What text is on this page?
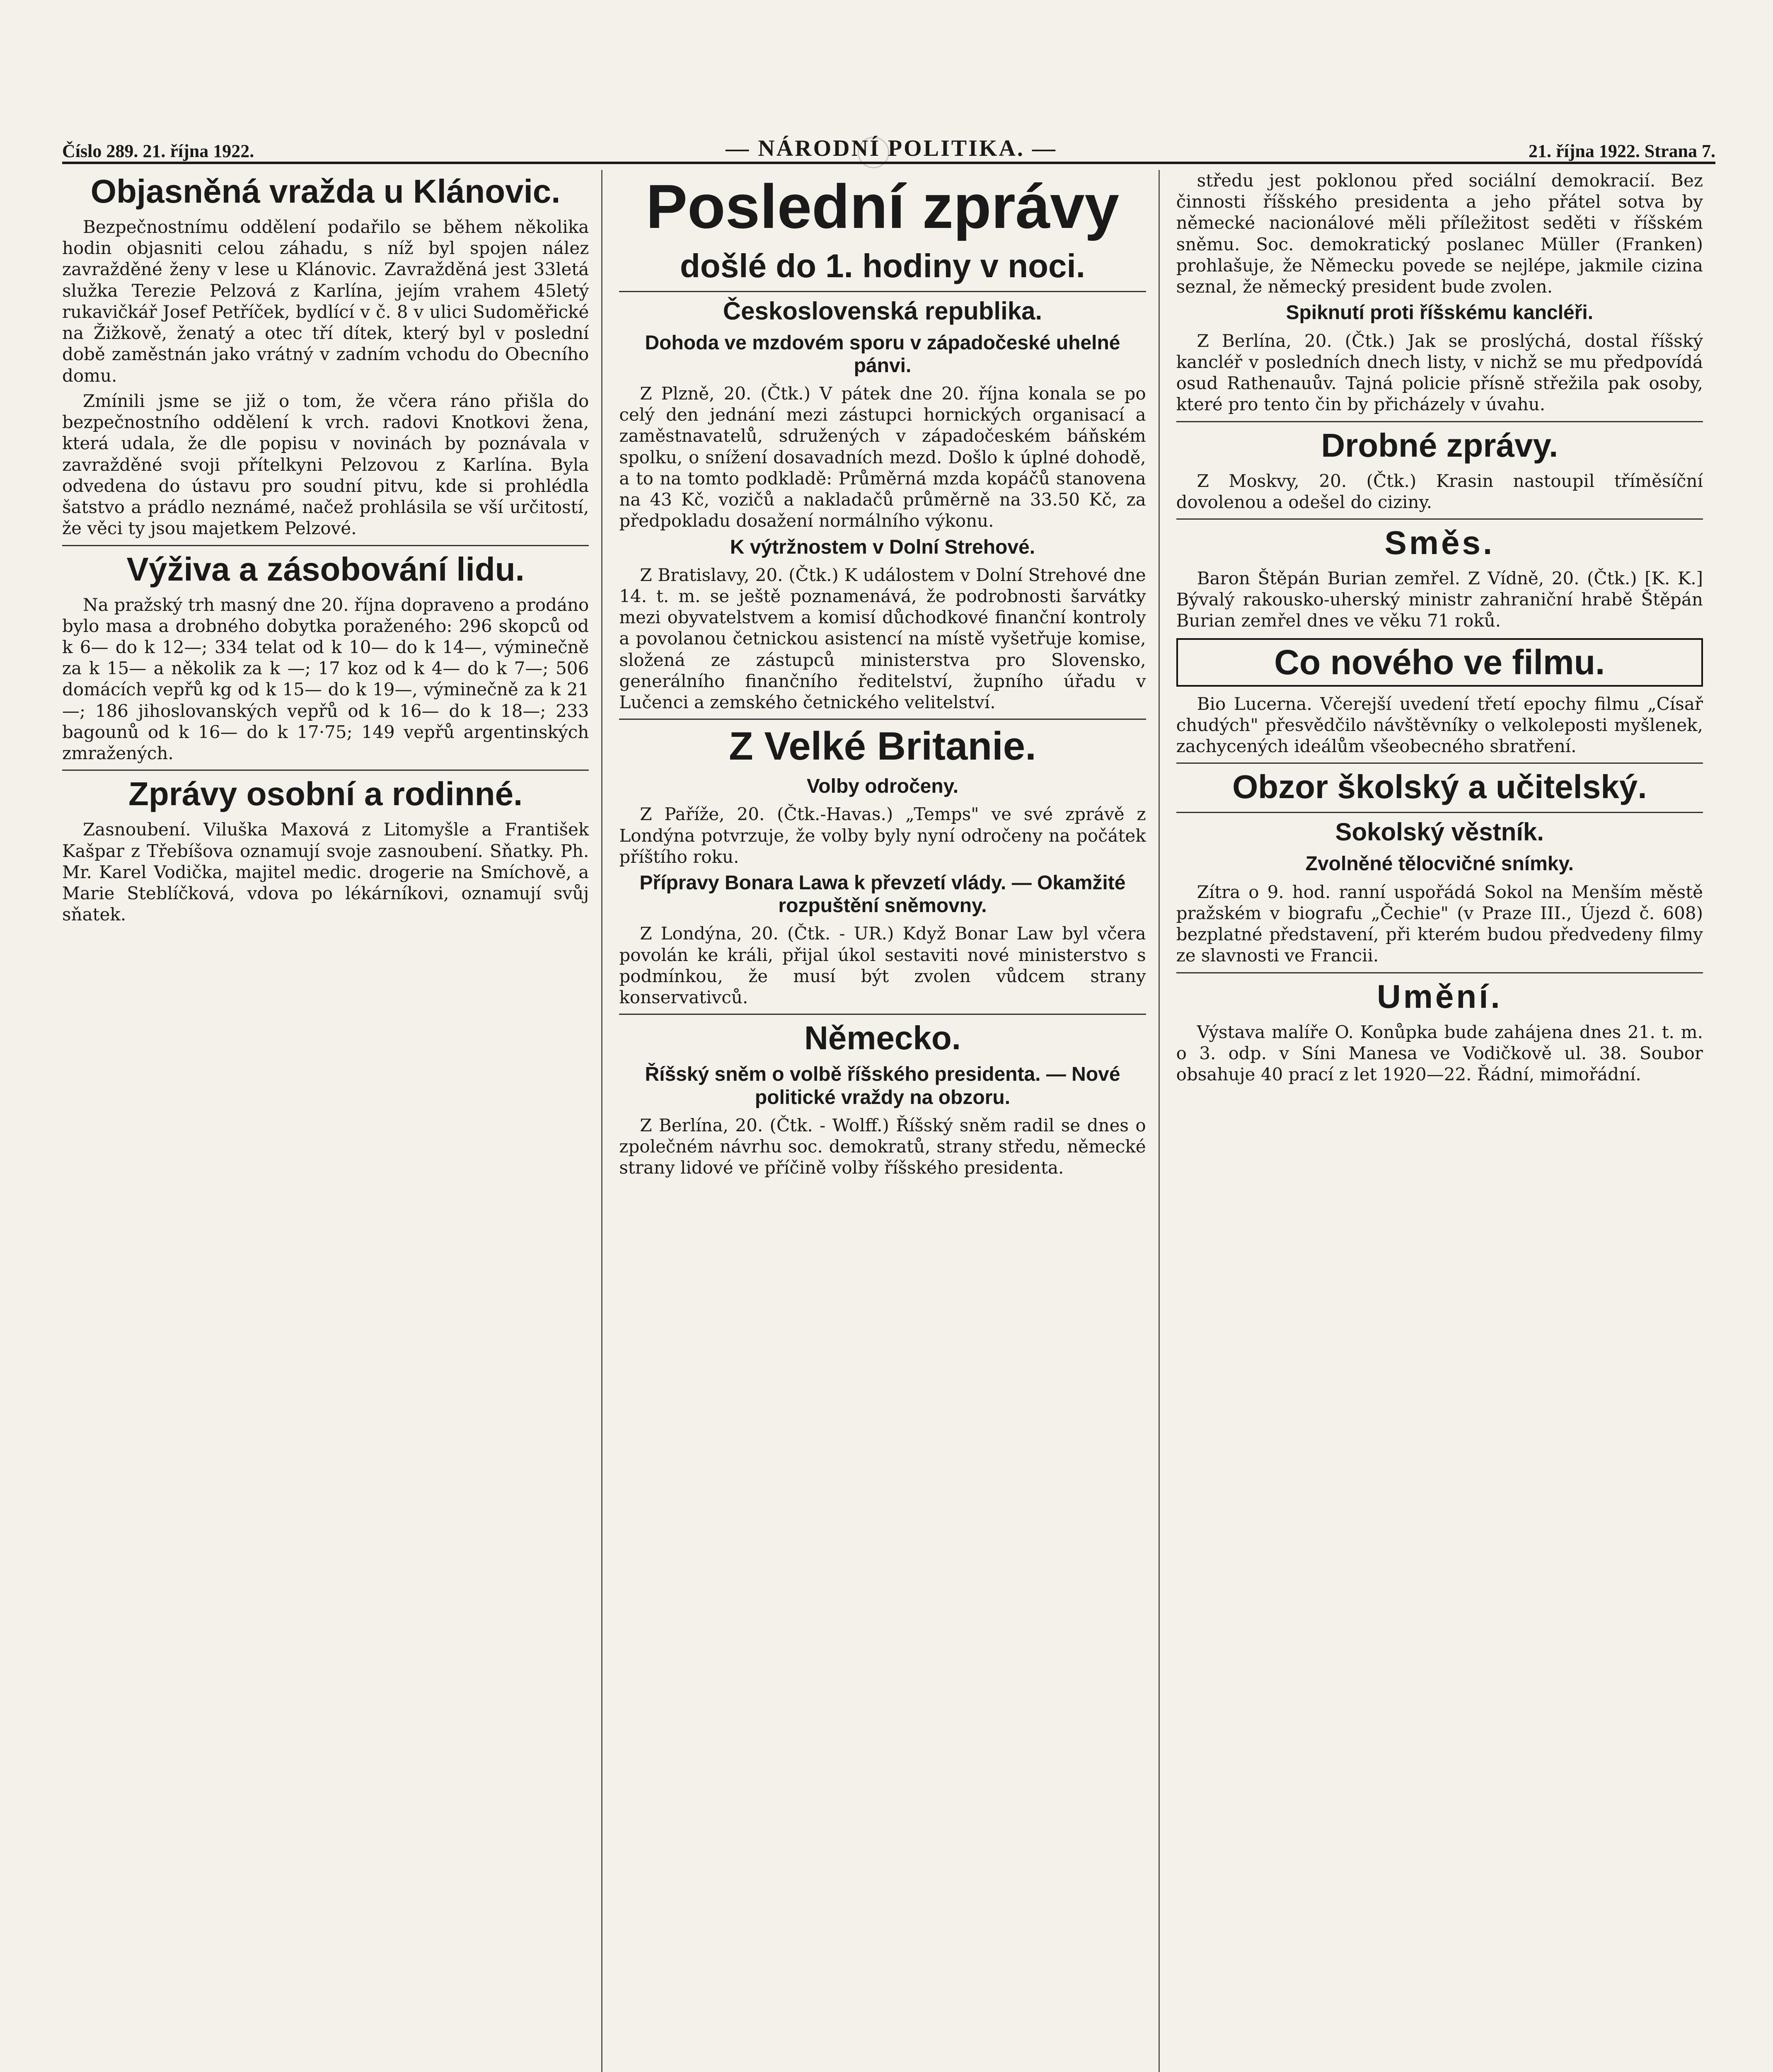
Číslo 289. 21. října 1922.	— NÁRODNÍ POLITIKA. —	21. října 1922. Strana 7.
Objasněná vražda u Klánovic.

Bezpečnostnímu oddělení podařilo se během několika hodin objasniti celou záhadu, s níž byl spojen nález zavražděné ženy v lese u Klánovic. Zavražděná jest 33letá služka Terezie Pelzová z Karlína, jejím vrahem 45letý rukavičkář Josef Petříček, bydlící v č. 8 v ulici Sudoměřické na Žižkově, ženatý a otec tří dítek, který byl v poslední době zaměstnán jako vrátný v zadním vchodu do Obecního domu.

Zmínili jsme se již o tom, že včera ráno přišla do bezpečnostního oddělení k vrch. radovi Knotkovi žena, která udala, že dle popisu v novinách by poznávala v zavražděné svoji přítelkyni Pelzovou z Karlína. Byla odvedena do ústavu pro soudní pitvu, kde si prohlédla šatstvo a prádlo neznámé, načež prohlásila se vší určitostí, že věci ty jsou majetkem Pelzové.

Výživa a zásobování lidu.

Na pražský trh masný dne 20. října dopraveno a prodáno bylo masa a drobného dobytka poraženého: 296 skopců od k 6— do k 12—; 334 telat od k 10— do k 14—, výminečně za k 15— a několik za k —; 17 koz od k 4— do k 7—; 506 domácích vepřů kg od k 15— do k 19—, výminečně za k 21—; 186 jihoslovanských vepřů od k 16— do k 18—; 233 bagounů od k 16— do k 17·75; 149 vepřů argentinských zmražených.

Zprávy osobní a rodinné.

Zasnoubení. Viluška Maxová z Litomyšle a František Kašpar z Třebíšova oznamují svoje zasnoubení. Sňatky. Ph. Mr. Karel Vodička, majitel medic. drogerie na Smíchově, a Marie Steblíčková, vdova po lékárníkovi, oznamují svůj sňatek.

Poslední zprávy
došlé do 1. hodiny v noci.
Československá republika.
Dohoda ve mzdovém sporu v západočeské uhelné pánvi.

Z Plzně, 20. (Čtk.) V pátek dne 20. října konala se po celý den jednání mezi zástupci hornických organisací a zaměstnavatelů, sdružených v západočeském báňském spolku, o snížení dosavadních mezd. Došlo k úplné dohodě, a to na tomto podkladě: Průměrná mzda kopáčů stanovena na 43 Kč, vozičů a nakladačů průměrně na 33.50 Kč, za předpokladu dosažení normálního výkonu.

K výtržnostem v Dolní Strehové.

Z Bratislavy, 20. (Čtk.) K událostem v Dolní Strehové dne 14. t. m. se ještě poznamenává, že podrobnosti šarvátky mezi obyvatelstvem a komisí důchodkové finanční kontroly a povolanou četnickou asistencí na místě vyšetřuje komise, složená ze zástupců ministerstva pro Slovensko, generálního finančního ředitelství, župního úřadu v Lučenci a zemského četnického velitelství.

Z Velké Britanie.
Volby odročeny.

Z Paříže, 20. (Čtk.-Havas.) „Temps" ve své zprávě z Londýna potvrzuje, že volby byly nyní odročeny na počátek příštího roku.

Přípravy Bonara Lawa k převzetí vlády. — Okamžité rozpuštění sněmovny.

Z Londýna, 20. (Čtk. - UR.) Když Bonar Law byl včera povolán ke králi, přijal úkol sestaviti nové ministerstvo s podmínkou, že musí být zvolen vůdcem strany konservativců.

Německo.
Říšský sněm o volbě říšského presidenta. — Nové politické vraždy na obzoru.

Z Berlína, 20. (Čtk. - Wolff.) Říšský sněm radil se dnes o zpolečném návrhu soc. demokratů, strany středu, německé strany lidové ve příčině volby říšského presidenta.

středu jest poklonou před sociální demokracií. Bez činnosti říšského presidenta a jeho přátel sotva by německé nacionálové měli příležitost seděti v říšském sněmu. Soc. demokratický poslanec Müller (Franken) prohlašuje, že Německu povede se nejlépe, jakmile cizina seznal, že německý president bude zvolen.

Spiknutí proti říšskému kancléři.

Z Berlína, 20. (Čtk.) Jak se proslýchá, dostal říšský kancléř v posledních dnech listy, v nichž se mu předpovídá osud Rathenauův. Tajná policie přísně střežila pak osoby, které pro tento čin by přicházely v úvahu.

Drobné zprávy.

Z Moskvy, 20. (Čtk.) Krasin nastoupil tříměsíční dovolenou a odešel do ciziny.

Směs.

Baron Štěpán Burian zemřel. Z Vídně, 20. (Čtk.) [K. K.] Bývalý rakousko-uherský ministr zahraniční hrabě Štěpán Burian zemřel dnes ve věku 71 roků.

Co nového ve filmu.

Bio Lucerna. Včerejší uvedení třetí epochy filmu „Císař chudých" přesvědčilo návštěvníky o velkoleposti myšlenek, zachycených ideálům všeobecného sbratření.

Obzor školský a učitelský.
Sokolský věstník.
Zvolněné tělocvičné snímky.

Zítra o 9. hod. ranní uspořádá Sokol na Menším městě pražském v biografu „Čechie" (v Praze III., Újezd č. 608) bezplatné představení, při kterém budou předvedeny filmy ze slavnosti ve Francii.

Umění.

Výstava malíře O. Konůpka bude zahájena dnes 21. t. m. o 3. odp. v Síni Manesa ve Vodičkově ul. 38. Soubor obsahuje 40 prací z let 1920—22. Řádní, mimořádní.
